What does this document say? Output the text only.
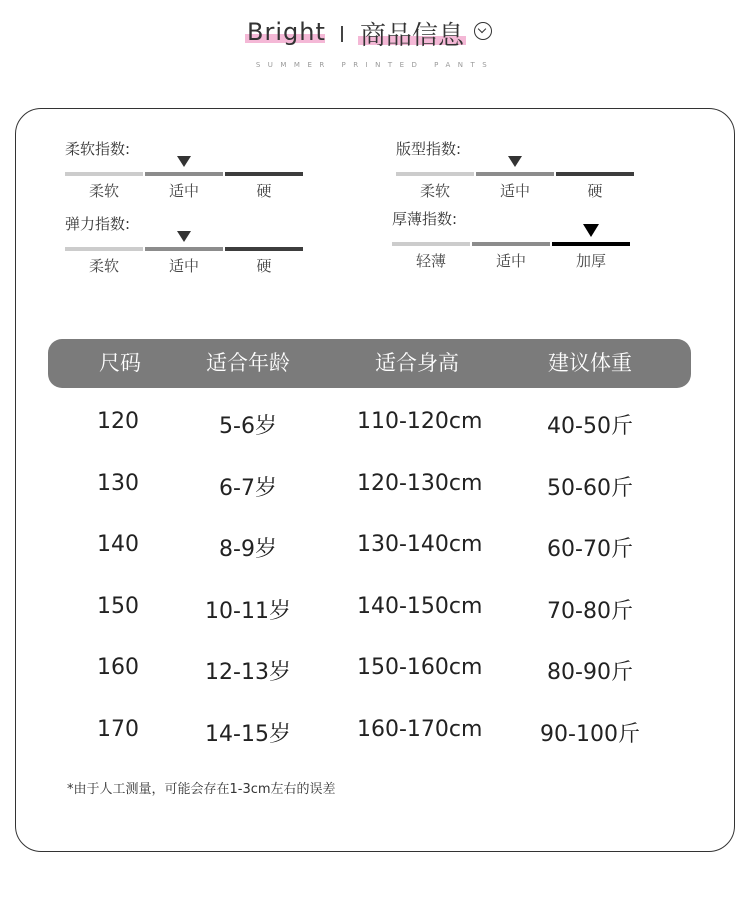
Bright 商品信息
SUMMER PRINTED PANTS
柔软指数:
柔软	适中	硬
版型指数:
柔软	适中	硬
弹力指数:
柔软	适中	硬
厚薄指数:
轻薄	适中	加厚
尺码	适合年龄	适合身高	建议体重
120	5-6岁	110-120cm	40-50斤
130	6-7岁	120-130cm	50-60斤
140	8-9岁	130-140cm	60-70斤
150	10-11岁	140-150cm	70-80斤
160	12-13岁	150-160cm	80-90斤
170	14-15岁	160-170cm	90-100斤
*由于人工测量，可能会存在1-3cm左右的误差
